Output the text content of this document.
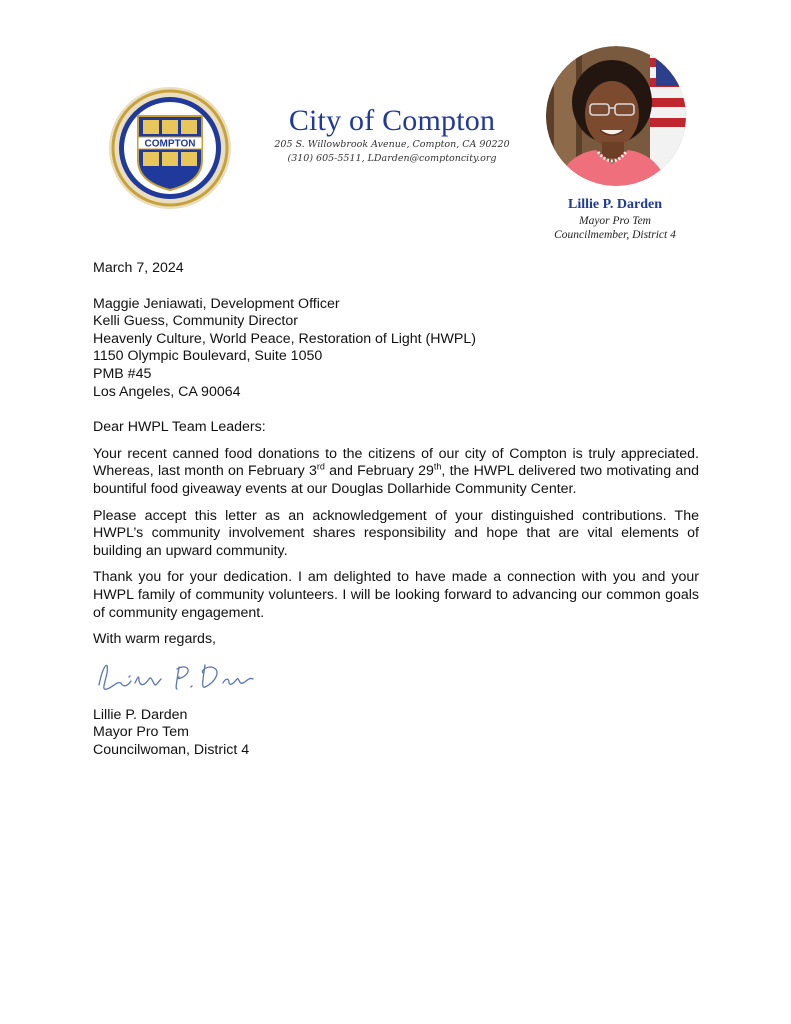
COMPTON
City of Compton
205 S. Willowbrook Avenue, Compton, CA 90220
(310) 605-5511, LDarden@comptoncity.org
Lillie P. Darden
Mayor Pro Tem
Councilmember, District 4

March 7, 2024

Maggie Jeniawati, Development Officer

Kelli Guess, Community Director

Heavenly Culture, World Peace, Restoration of Light (HWPL)

1150 Olympic Boulevard, Suite 1050

PMB #45

Los Angeles, CA 90064

Dear HWPL Team Leaders:

Your recent canned food donations to the citizens of our city of Compton is truly appreciated. Whereas, last month on February 3rd and February 29th, the HWPL delivered two motivating and bountiful food giveaway events at our Douglas Dollarhide Community Center.

Please accept this letter as an acknowledgement of your distinguished contributions. The HWPL’s community involvement shares responsibility and hope that are vital elements of building an upward community.

Thank you for your dedication. I am delighted to have made a connection with you and your HWPL family of community volunteers. I will be looking forward to advancing our common goals of community engagement.

With warm regards,

Lillie P. Darden

Mayor Pro Tem

Councilwoman, District 4
